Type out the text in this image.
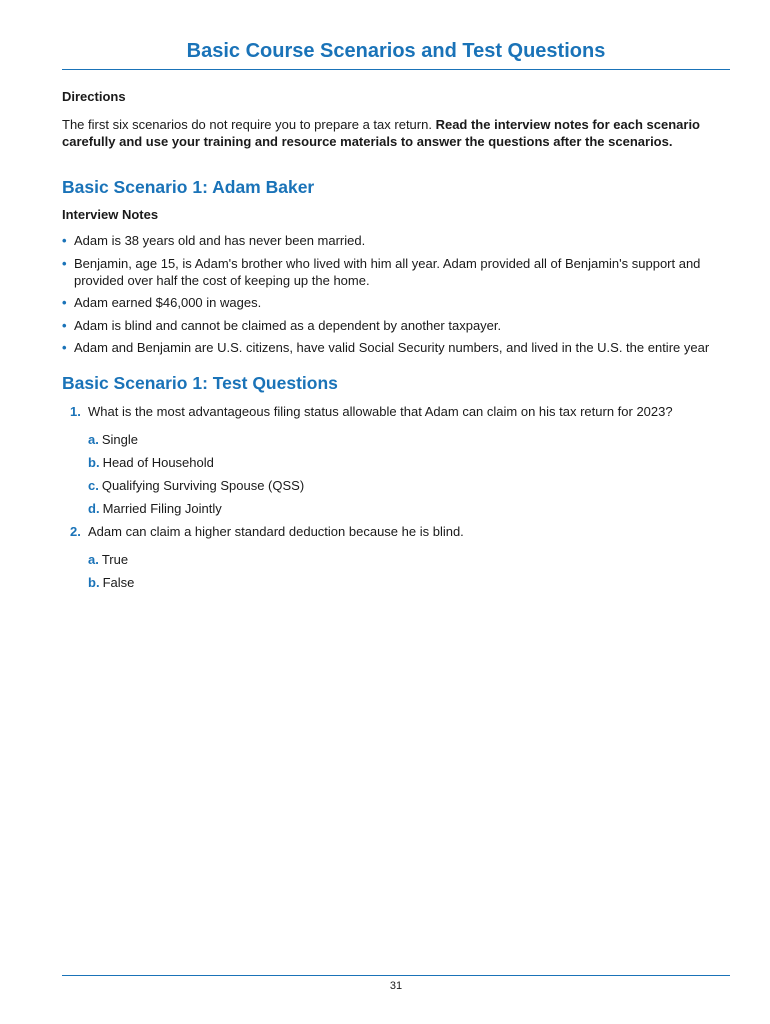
Basic Course Scenarios and Test Questions

Directions

The first six scenarios do not require you to prepare a tax return. Read the interview notes for each scenario carefully and use your training and resource materials to answer the questions after the scenarios.

Basic Scenario 1: Adam Baker

Interview Notes

• Adam is 38 years old and has never been married.
• Benjamin, age 15, is Adam's brother who lived with him all year. Adam provided all of Benjamin's support and provided over half the cost of keeping up the home.
• Adam earned $46,000 in wages.
• Adam is blind and cannot be claimed as a dependent by another taxpayer.
• Adam and Benjamin are U.S. citizens, have valid Social Security numbers, and lived in the U.S. the entire year
Basic Scenario 1: Test Questions
1. What is the most advantageous filing status allowable that Adam can claim on his tax return for 2023?
a. Single
b. Head of Household
c. Qualifying Surviving Spouse (QSS)
d. Married Filing Jointly
2. Adam can claim a higher standard deduction because he is blind.
a. True
b. False
31
